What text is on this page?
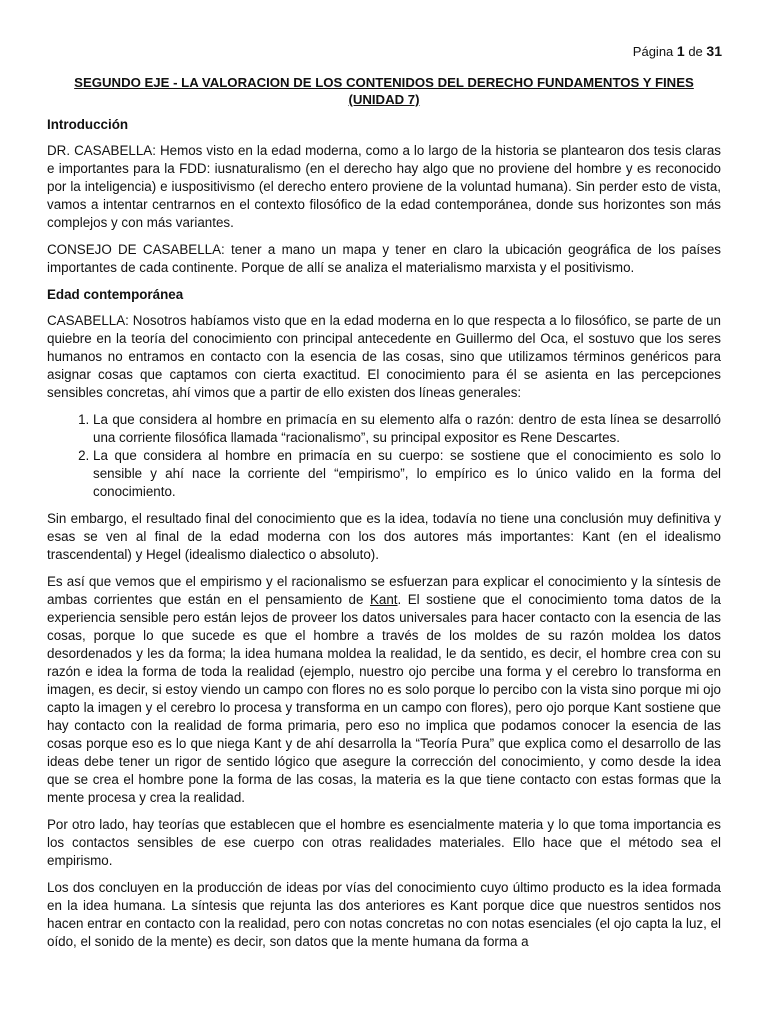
Página 1 de 31
SEGUNDO EJE - LA VALORACION DE LOS CONTENIDOS DEL DERECHO FUNDAMENTOS Y FINES (UNIDAD 7)
Introducción

DR. CASABELLA: Hemos visto en la edad moderna, como a lo largo de la historia se plantearon dos tesis claras e importantes para la FDD: iusnaturalismo (en el derecho hay algo que no proviene del hombre y es reconocido por la inteligencia) e iuspositivismo (el derecho entero proviene de la voluntad humana). Sin perder esto de vista, vamos a intentar centrarnos en el contexto filosófico de la edad contemporánea, donde sus horizontes son más complejos y con más variantes.

CONSEJO DE CASABELLA: tener a mano un mapa y tener en claro la ubicación geográfica de los países importantes de cada continente. Porque de allí se analiza el materialismo marxista y el positivismo.

Edad contemporánea

CASABELLA: Nosotros habíamos visto que en la edad moderna en lo que respecta a lo filosófico, se parte de un quiebre en la teoría del conocimiento con principal antecedente en Guillermo del Oca, el sostuvo que los seres humanos no entramos en contacto con la esencia de las cosas, sino que utilizamos términos genéricos para asignar cosas que captamos con cierta exactitud. El conocimiento para él se asienta en las percepciones sensibles concretas, ahí vimos que a partir de ello existen dos líneas generales:

1. La que considera al hombre en primacía en su elemento alfa o razón: dentro de esta línea se desarrolló una corriente filosófica llamada “racionalismo”, su principal expositor es Rene Descartes.
2. La que considera al hombre en primacía en su cuerpo: se sostiene que el conocimiento es solo lo sensible y ahí nace la corriente del “empirismo”, lo empírico es lo único valido en la forma del conocimiento.

Sin embargo, el resultado final del conocimiento que es la idea, todavía no tiene una conclusión muy definitiva y esas se ven al final de la edad moderna con los dos autores más importantes: Kant (en el idealismo trascendental) y Hegel (idealismo dialectico o absoluto).

Es así que vemos que el empirismo y el racionalismo se esfuerzan para explicar el conocimiento y la síntesis de ambas corrientes que están en el pensamiento de Kant. El sostiene que el conocimiento toma datos de la experiencia sensible pero están lejos de proveer los datos universales para hacer contacto con la esencia de las cosas, porque lo que sucede es que el hombre a través de los moldes de su razón moldea los datos desordenados y les da forma; la idea humana moldea la realidad, le da sentido, es decir, el hombre crea con su razón e idea la forma de toda la realidad (ejemplo, nuestro ojo percibe una forma y el cerebro lo transforma en imagen, es decir, si estoy viendo un campo con flores no es solo porque lo percibo con la vista sino porque mi ojo capto la imagen y el cerebro lo procesa y transforma en un campo con flores), pero ojo porque Kant sostiene que hay contacto con la realidad de forma primaria, pero eso no implica que podamos conocer la esencia de las cosas porque eso es lo que niega Kant y de ahí desarrolla la “Teoría Pura” que explica como el desarrollo de las ideas debe tener un rigor de sentido lógico que asegure la corrección del conocimiento, y como desde la idea que se crea el hombre pone la forma de las cosas, la materia es la que tiene contacto con estas formas que la mente procesa y crea la realidad.

Por otro lado, hay teorías que establecen que el hombre es esencialmente materia y lo que toma importancia es los contactos sensibles de ese cuerpo con otras realidades materiales. Ello hace que el método sea el empirismo.

Los dos concluyen en la producción de ideas por vías del conocimiento cuyo último producto es la idea formada en la idea humana. La síntesis que rejunta las dos anteriores es Kant porque dice que nuestros sentidos nos hacen entrar en contacto con la realidad, pero con notas concretas no con notas esenciales (el ojo capta la luz, el oído, el sonido de la mente) es decir, son datos que la mente humana da forma a
